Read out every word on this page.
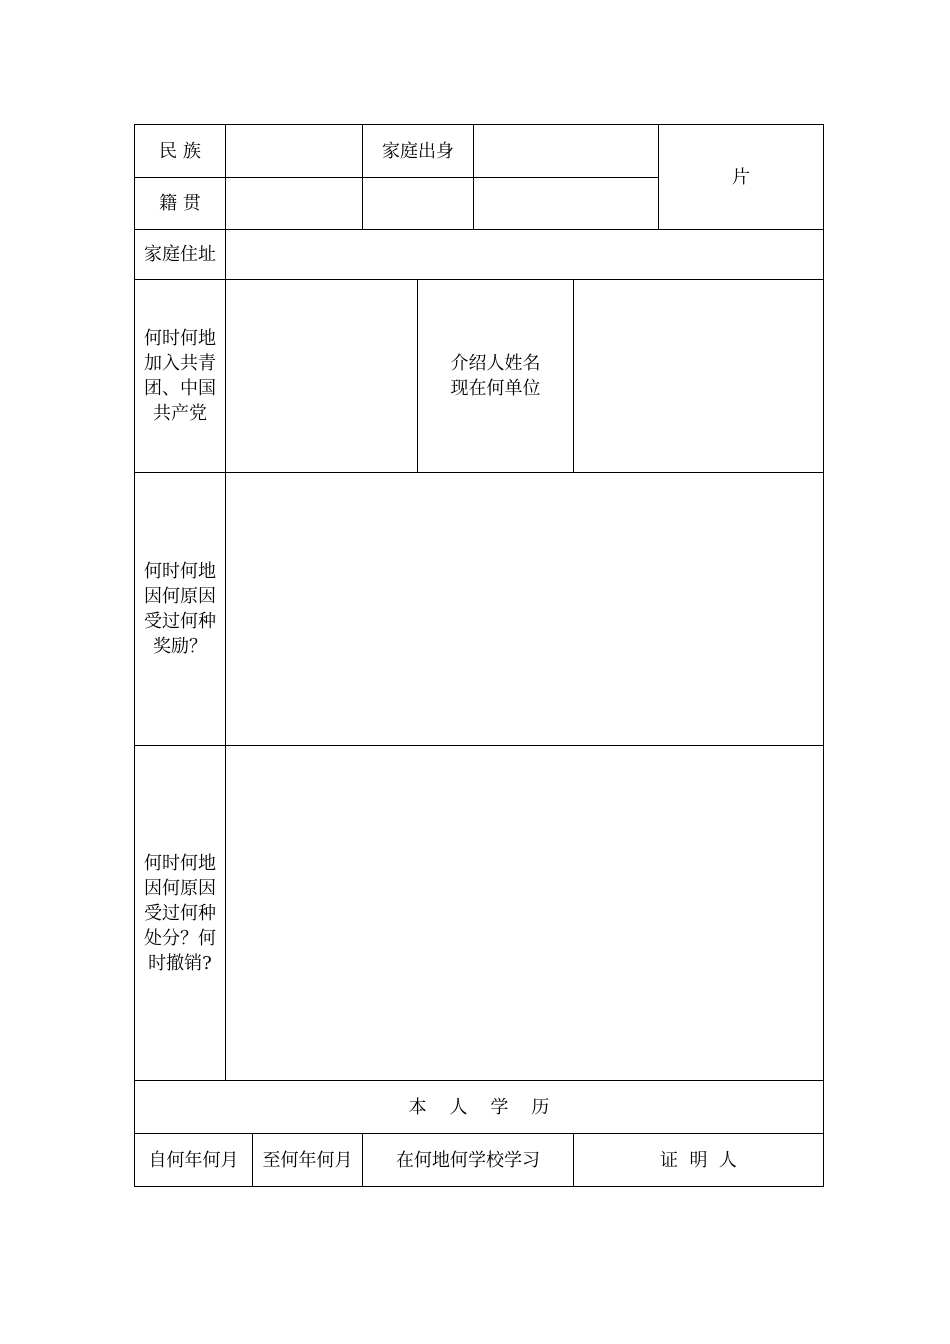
民 族			家庭出身				片
籍 贯							
家庭住址							
何时何地
加入共青
团、中国
共产党				介绍人姓名
现在何单位			
何时何地
因何原因
受过何种
奖励？							
何时何地
因何原因
受过何种
处分？何
时撤销?							
本    人    学    历							
自何年何月		至何年何月	在何地何学校学习			证  明  人	
